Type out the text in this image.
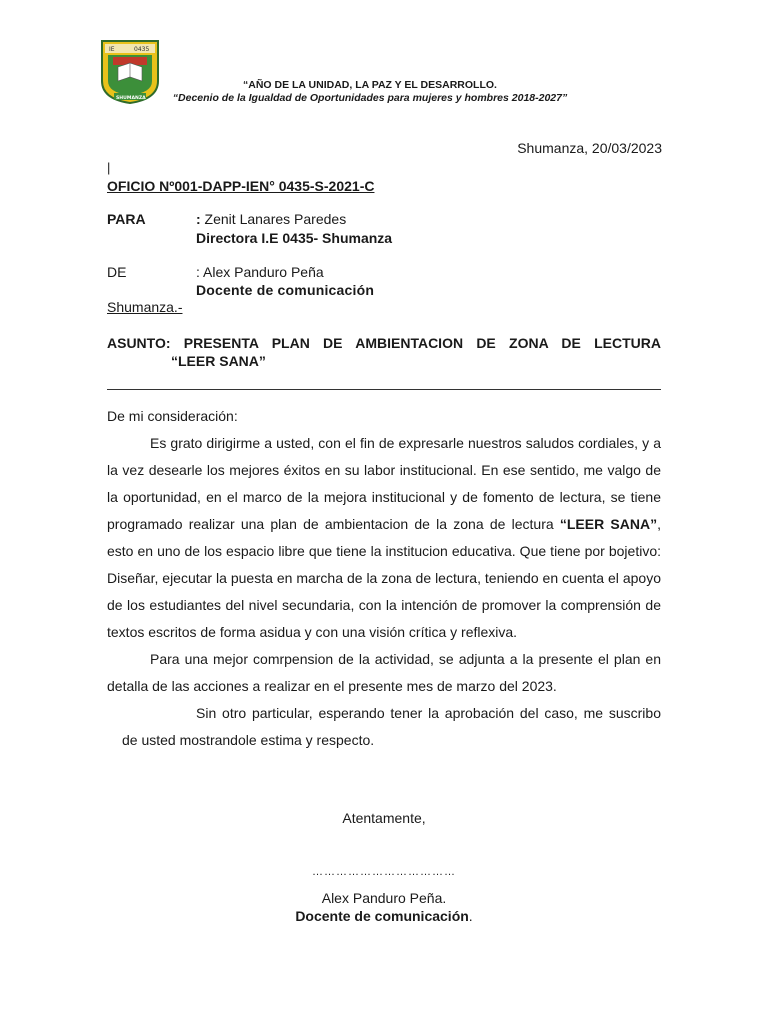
IE	0435
SHUMANZA
“AÑO DE LA UNIDAD, LA PAZ Y EL DESARROLLO.
“Decenio de la Igualdad de Oportunidades para mujeres y hombres 2018-2027”
Shumanza, 20/03/2023
|
OFICIO Nº001-DAPP-IEN° 0435-S-2021-C
PARA	: Zenit Lanares Paredes
Directora I.E 0435- Shumanza
DE	: Alex Panduro Peña
Docente de comunicación
Shumanza.-
ASUNTO: PRESENTA PLAN DE AMBIENTACION DE ZONA DE LECTURA
“LEER SANA”
De mi consideración:

Es grato dirigirme a usted, con el fin de expresarle nuestros saludos cordiales, y a la vez desearle los mejores éxitos en su labor institucional. En ese sentido, me valgo de la oportunidad, en el marco de la mejora institucional y de fomento de lectura, se tiene programado realizar una plan de ambientacion de la zona de lectura “LEER SANA”, esto en uno de los espacio libre que tiene la institucion educativa. Que tiene por bojetivo: Diseñar, ejecutar la puesta en marcha de la zona de lectura, teniendo en cuenta el apoyo de los estudiantes del nivel secundaria, con la intención de promover la comprensión de textos escritos de forma asidua y con una visión crítica y reflexiva.

Para una mejor comrpension de la actividad, se adjunta a la presente el plan en detalla de las acciones a realizar en el presente mes de marzo del 2023.

Sin otro particular, esperando tener la aprobación del caso, me suscribo de usted mostrandole estima y respecto.

Atentamente,
………………………………
Alex Panduro Peña.
Docente de comunicación.
